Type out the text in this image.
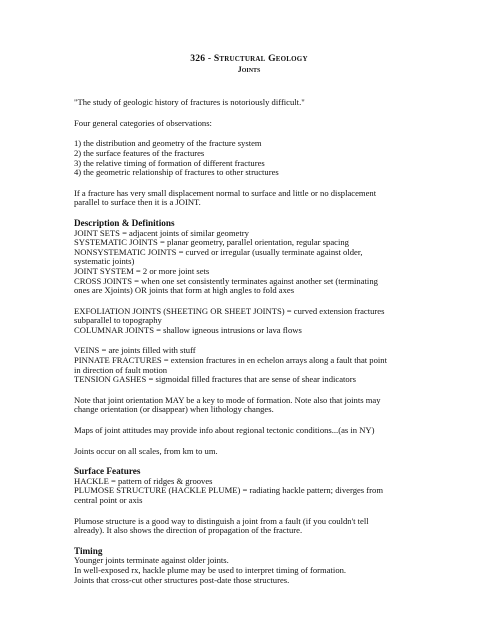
326 - Structural Geology
Joints

"The study of geologic history of fractures is notoriously difficult."

Four general categories of observations:

1) the distribution and geometry of the fracture system
2) the surface features of the fractures
3) the relative timing of formation of different fractures
4) the geometric relationship of fractures to other structures
If a fracture has very small displacement normal to surface and little or no displacement
parallel to surface then it is a JOINT.
Description & Definitions
JOINT SETS = adjacent joints of similar geometry
SYSTEMATIC JOINTS = planar geometry, parallel orientation, regular spacing
NONSYSTEMATIC JOINTS = curved or irregular (usually terminate against older,
systematic joints)
JOINT SYSTEM = 2 or more joint sets
CROSS JOINTS = when one set consistently terminates against another set (terminating
ones are Xjoints) OR joints that form at high angles to fold axes
EXFOLIATION JOINTS (SHEETING OR SHEET JOINTS) = curved extension fractures
subparallel to topography
COLUMNAR JOINTS = shallow igneous intrusions or lava flows
VEINS = are joints filled with stuff
PINNATE FRACTURES = extension fractures in en echelon arrays along a fault that point
in direction of fault motion
TENSION GASHES = sigmoidal filled fractures that are sense of shear indicators
Note that joint orientation MAY be a key to mode of formation. Note also that joints may
change orientation (or disappear) when lithology changes.

Maps of joint attitudes may provide info about regional tectonic conditions...(as in NY)

Joints occur on all scales, from km to um.

Surface Features
HACKLE = pattern of ridges & grooves
PLUMOSE STRUCTURE (HACKLE PLUME) = radiating hackle pattern; diverges from
central point or axis
Plumose structure is a good way to distinguish a joint from a fault (if you couldn't tell
already). It also shows the direction of propagation of the fracture.
Timing
Younger joints terminate against older joints.
In well-exposed rx, hackle plume may be used to interpret timing of formation.
Joints that cross-cut other structures post-date those structures.
